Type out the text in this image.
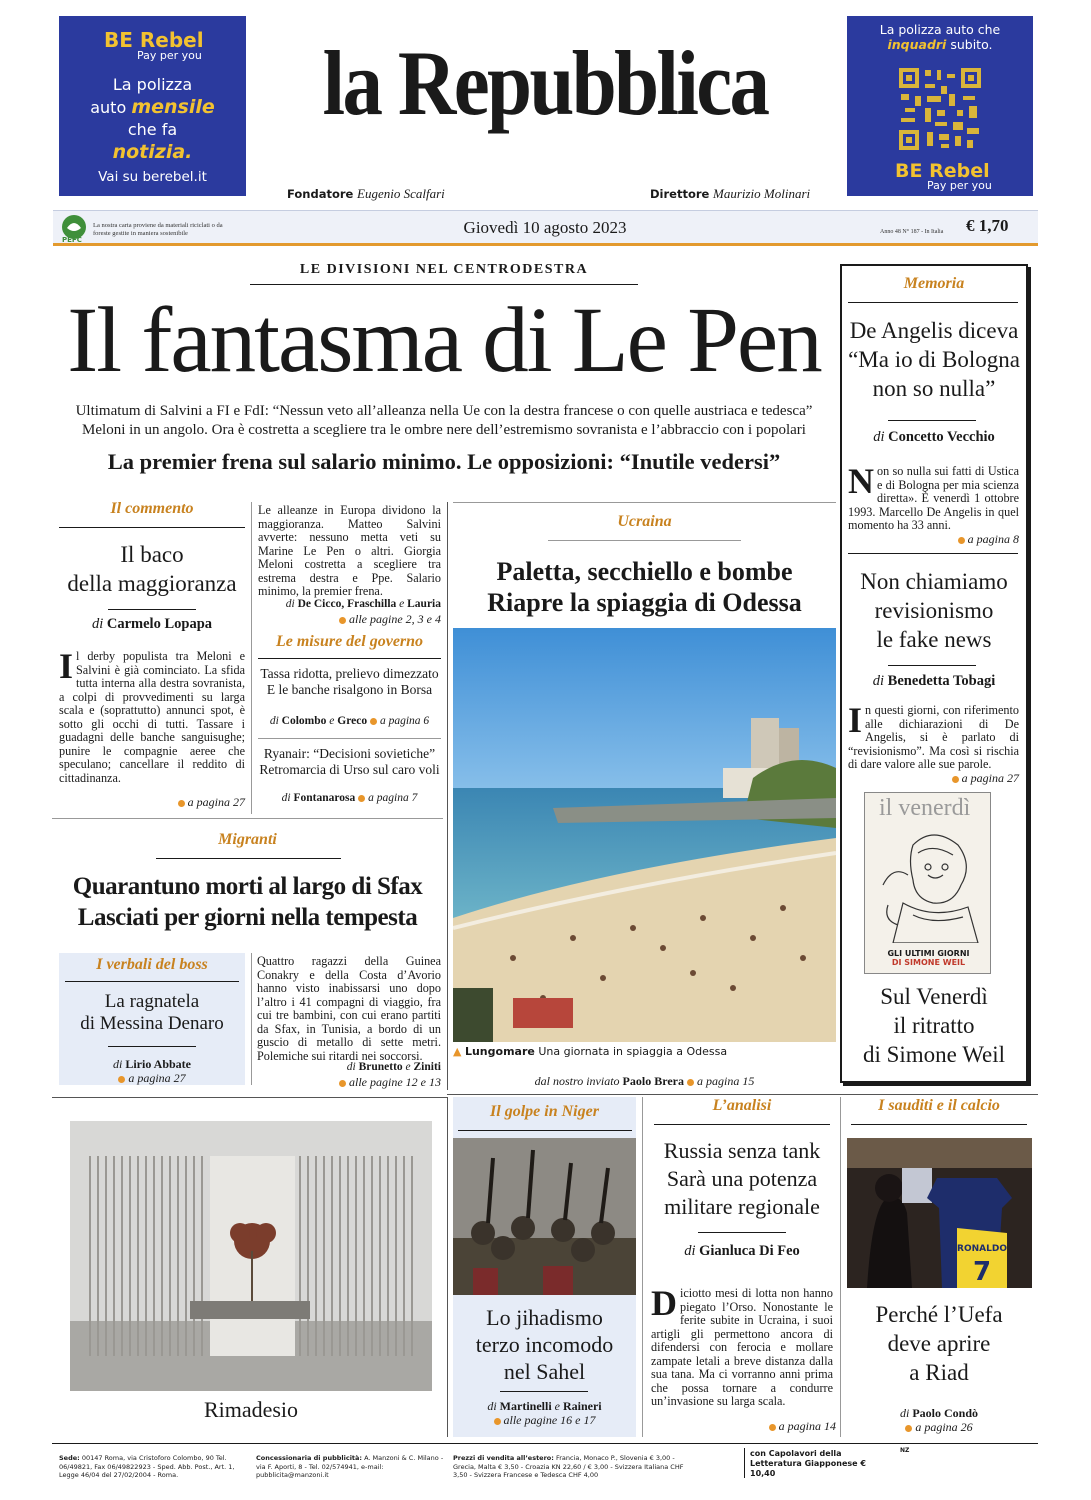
BE Rebel
Pay per you
La polizza
auto mensile
che fa
notizia.
Vai su berebel.it
la Repubblica
Fondatore Eugenio Scalfari	Direttore Maurizio Molinari
La polizza auto che
inquadri subito.
BE Rebel
Pay per you
PEFC
La nostra carta proviene da materiali riciclati o da foreste gestite in maniera sostenibile	Giovedì 10 agosto 2023	Anno 48 N° 187 - In Italia € 1,70
LE DIVISIONI NEL CENTRODESTRA
Il fantasma di Le Pen
Ultimatum di Salvini a FI e FdI: “Nessun veto all’alleanza nella Ue con la destra francese o con quelle austriaca e tedesca”
Meloni in un angolo. Ora è costretta a scegliere tra le ombre nere dell’estremismo sovranista e l’abbraccio con i popolari
La premier frena sul salario minimo. Le opposizioni: “Inutile vedersi”
Il commento
Il baco
della maggioranza
di Carmelo Lopapa
Il derby populista tra Meloni e Salvini è già cominciato. La sfida tutta interna alla destra sovranista, a colpi di provvedimenti su larga scala e (soprattutto) annunci spot, è sotto gli occhi di tutti. Tassare i guadagni delle banche sanguisughe; punire le compagnie aeree che speculano; cancellare il reddito di cittadinanza.
a pagina 27
Le alleanze in Europa dividono la maggioranza. Matteo Salvini avverte: nessuno metta veti su Marine Le Pen o altri. Giorgia Meloni costretta a scegliere tra estrema destra e Ppe. Salario minimo, la premier frena.
di De Cicco, Fraschilla e Lauria
alle pagine 2, 3 e 4
Le misure del governo
Tassa ridotta, prelievo dimezzato
E le banche risalgono in Borsa
di Colombo e Greco a pagina 6
Ryanair: “Decisioni sovietiche”
Retromarcia di Urso sul caro voli
di Fontanarosa a pagina 7
Ucraina
Paletta, secchiello e bombe
Riapre la spiaggia di Odessa
▲ Lungomare Una giornata in spiaggia a Odessa
dal nostro inviato Paolo Brera a pagina 15
Memoria
De Angelis diceva
“Ma io di Bologna
non so nulla”
di Concetto Vecchio
Non so nulla sui fatti di Ustica e di Bologna per mia scienza diretta». È venerdì 1 ottobre 1993. Marcello De Angelis in quel momento ha 33 anni.
a pagina 8
Non chiamiamo
revisionismo
le fake news
di Benedetta Tobagi
In questi giorni, con riferimento alle dichiarazioni di De Angelis, si è parlato di “revisionismo”. Ma così si rischia di dare valore alle sue parole.
a pagina 27
il venerdì
GLI ULTIMI GIORNI
DI SIMONE WEIL
Sul Venerdì
il ritratto
di Simone Weil
Migranti
Quarantuno morti al largo di Sfax
Lasciati per giorni nella tempesta
I verbali del boss
La ragnatela
di Messina Denaro
di Lirio Abbate
a pagina 27
Quattro ragazzi della Guinea Conakry e della Costa d’Avorio hanno visto inabissarsi uno dopo l’altro i 41 compagni di viaggio, fra cui tre bambini, con cui erano partiti da Sfax, in Tunisia, a bordo di un guscio di metallo di sette metri. Polemiche sui ritardi nei soccorsi.
di Brunetto e Ziniti
alle pagine 12 e 13
Rimadesio
Il golpe in Niger
Lo jihadismo
terzo incomodo
nel Sahel
di Martinelli e Raineri
alle pagine 16 e 17
L’analisi
Russia senza tank
Sarà una potenza
militare regionale
di Gianluca Di Feo
Diciotto mesi di lotta non hanno piegato l’Orso. Nonostante le ferite subite in Ucraina, i suoi artigli gli permettono ancora di difendersi con ferocia e mollare zampate letali a breve distanza dalla sua tana. Ma ci vorranno anni prima che possa tornare a condurre un’invasione su larga scala.
a pagina 14
I sauditi e il calcio
RONALDO
7
Perché l’Uefa
deve aprire
a Riad
di Paolo Condò
a pagina 26
Sede: 00147 Roma, via Cristoforo Colombo, 90 Tel. 06/49821, Fax 06/49822923 - Sped. Abb. Post., Art. 1, Legge 46/04 del 27/02/2004 - Roma.
Concessionaria di pubblicità: A. Manzoni & C. Milano - via F. Aporti, 8 - Tel. 02/574941, e-mail: pubblicita@manzoni.it
Prezzi di vendita all’estero: Francia, Monaco P., Slovenia € 3,00 - Grecia, Malta € 3,50 - Croazia KN 22,60 / € 3,00 - Svizzera Italiana CHF 3,50 - Svizzera Francese e Tedesca CHF 4,00
con Capolavori della Letteratura Giapponese € 10,40
NZ
